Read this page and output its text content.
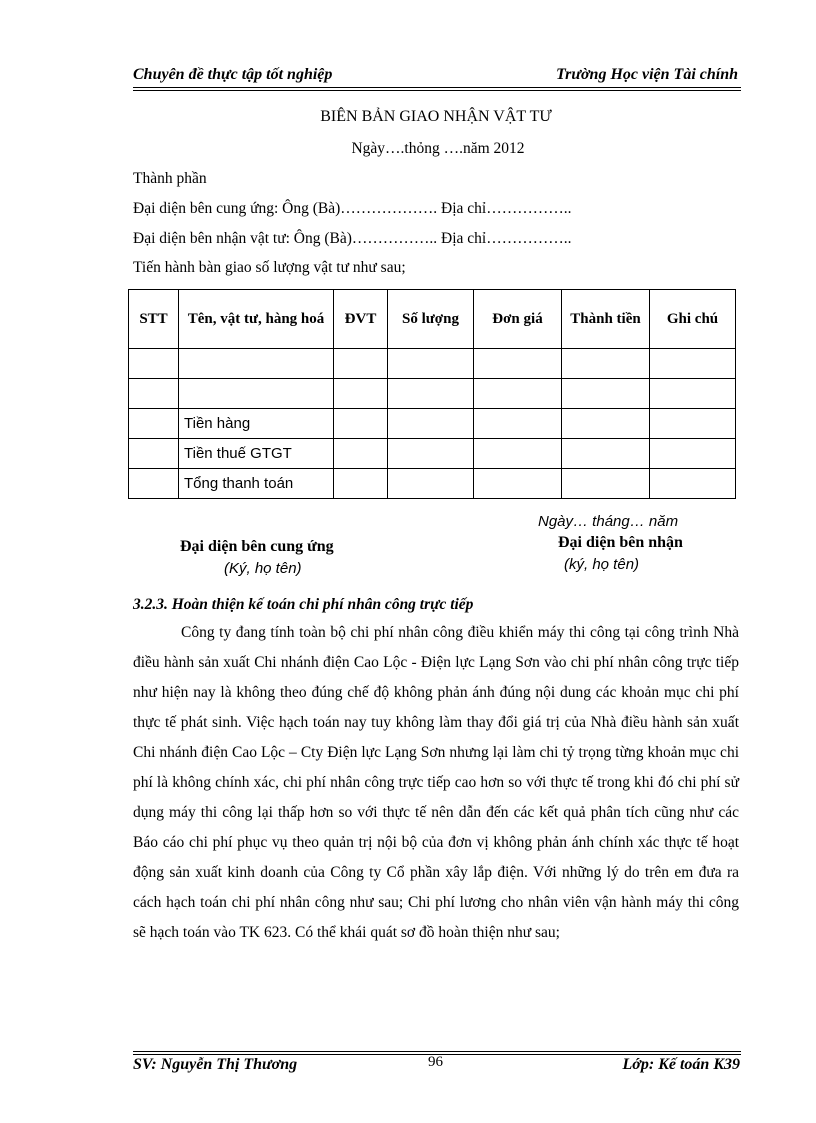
Chuyên đề thực tập tốt nghiệp	Trường Học viện Tài chính
BIÊN BẢN GIAO NHẬN VẬT TƯ
Ngày….thỏng ….năm 2012
Thành phần
Đại diện bên cung ứng: Ông (Bà)………………. Địa chỉ……………..
Đại diện bên nhận vật tư: Ông (Bà)…………….. Địa chỉ……………..
Tiến hành bàn giao số lượng vật tư như sau;
STT	Tên, vật tư, hàng hoá	ĐVT	Số lượng	Đơn giá	Thành tiền	Ghi chú

	Tiền hàng					
	Tiền thuế GTGT					
	Tổng thanh toán					
Ngày… tháng… năm
Đại diện bên cung ứng
(Ký, họ tên)
Đại diện bên nhận
(ký, họ tên)
3.2.3. Hoàn thiện kế toán chi phí nhân công trực tiếp

Công ty đang tính toàn bộ chi phí nhân công điều khiển máy thi công tại công trình Nhà điều hành sản xuất Chi nhánh điện Cao Lộc - Điện lực Lạng Sơn vào chi phí nhân công trực tiếp như hiện nay là không theo đúng chế độ không phản ánh đúng nội dung các khoản mục chi phí thực tế phát sinh. Việc hạch toán nay tuy không làm thay đổi giá trị của Nhà điều hành sản xuất Chi nhánh điện Cao Lộc – Cty Điện lực Lạng Sơn nhưng lại làm chi tỷ trọng từng khoản mục chi phí là không chính xác, chi phí nhân công trực tiếp cao hơn so với thực tế trong khi đó chi phí sử dụng máy thi công lại thấp hơn so với thực tế nên dẫn đến các kết quả phân tích cũng như các Báo cáo chi phí phục vụ theo quản trị nội bộ của đơn vị không phản ánh chính xác thực tế hoạt động sản xuất kinh doanh của Công ty Cổ phần xây lắp điện. Với những lý do trên em đưa ra cách hạch toán chi phí nhân công như sau; Chi phí lương cho nhân viên vận hành máy thi công sẽ hạch toán vào TK 623. Có thể khái quát sơ đồ hoàn thiện như sau;

SV: Nguyễn Thị Thương	96	Lớp: Kế toán K39
